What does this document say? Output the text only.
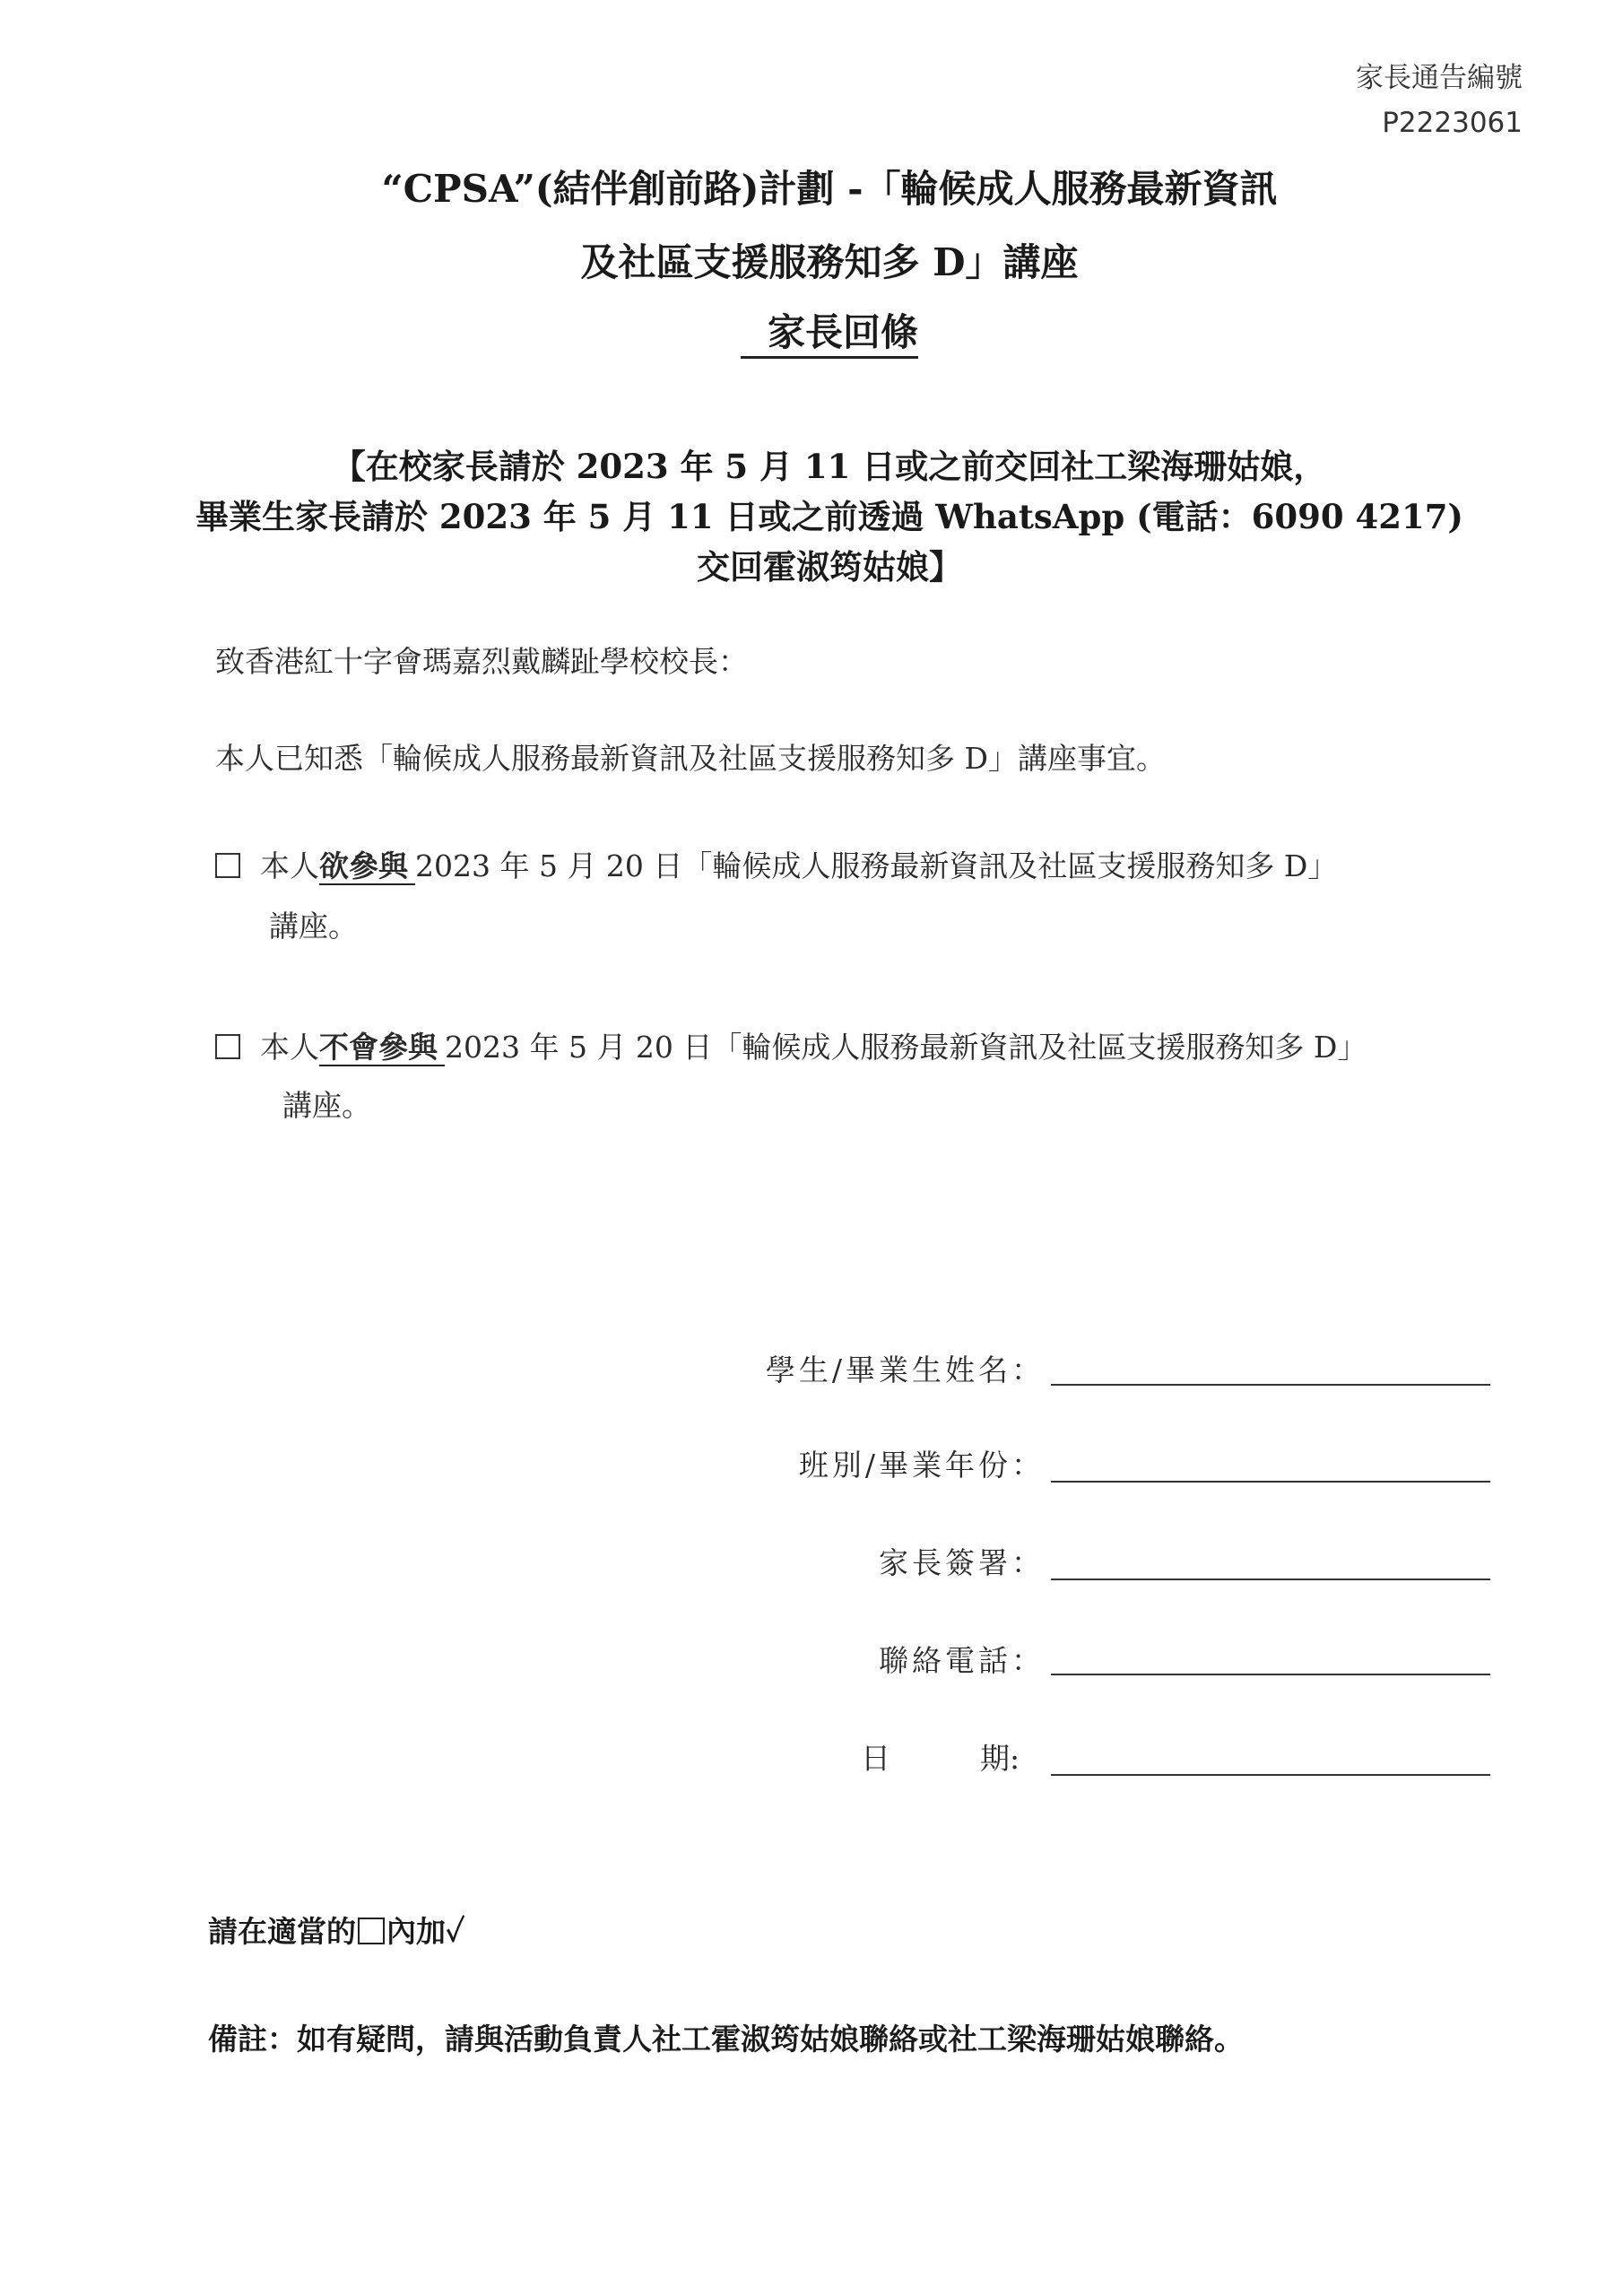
家長通告編號
P2223061
“CPSA”(結伴創前路)計劃 -「輪候成人服務最新資訊
及社區支援服務知多 D」講座
家長回條
【在校家長請於 2023 年 5 月 11 日或之前交回社工梁海珊姑娘，
畢業生家長請於 2023 年 5 月 11 日或之前透過 WhatsApp (電話：6090 4217)
交回霍淑筠姑娘】
致香港紅十字會瑪嘉烈戴麟趾學校校長：
本人已知悉「輪候成人服務最新資訊及社區支援服務知多 D」講座事宜。
本人欲參與 2023 年 5 月 20 日「輪候成人服務最新資訊及社區支援服務知多 D」
講座。
本人不會參與 2023 年 5 月 20 日「輪候成人服務最新資訊及社區支援服務知多 D」
講座。
學生/畢業生姓名：
班別/畢業年份：
家長簽署：
聯絡電話：
日	期:
請在適當的 內加✓
備註：如有疑問，請與活動負責人社工霍淑筠姑娘聯絡或社工梁海珊姑娘聯絡。
